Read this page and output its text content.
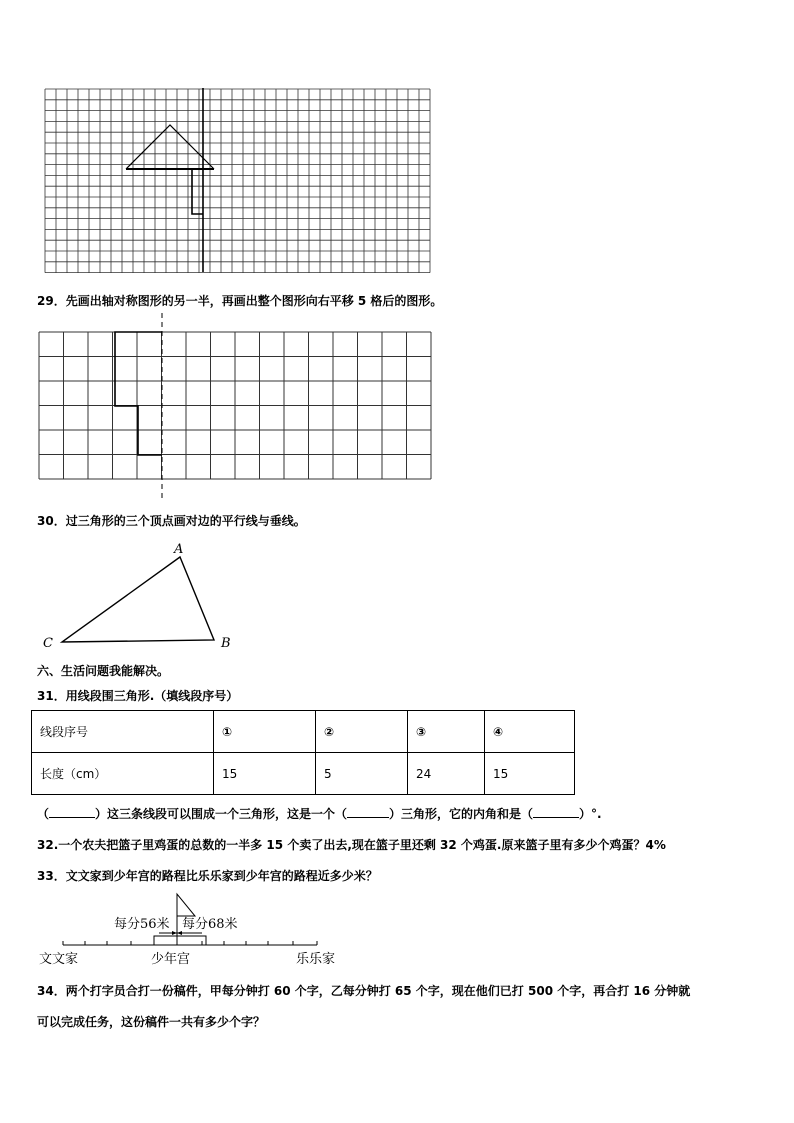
29．先画出轴对称图形的另一半，再画出整个图形向右平移 5 格后的图形。
30．过三角形的三个顶点画对边的平行线与垂线。
A
C	B
六、生活问题我能解决。
31．用线段围三角形.（填线段序号）
线段序号	①	②	③	④
长度（cm）	15	5	24	15
（	）这三条线段可以围成一个三角形，这是一个（	）三角形，它的内角和是（	）°.
32.一个农夫把篮子里鸡蛋的总数的一半多 15 个卖了出去,现在篮子里还剩 32 个鸡蛋.原来篮子里有多少个鸡蛋？4%
33．文文家到少年宫的路程比乐乐家到少年宫的路程近多少米？
每分56米 每分68米
文文家	少年宫	乐乐家
34．两个打字员合打一份稿件，甲每分钟打 60 个字，乙每分钟打 65 个字，现在他们已打 500 个字，再合打 16 分钟就
可以完成任务，这份稿件一共有多少个字？
